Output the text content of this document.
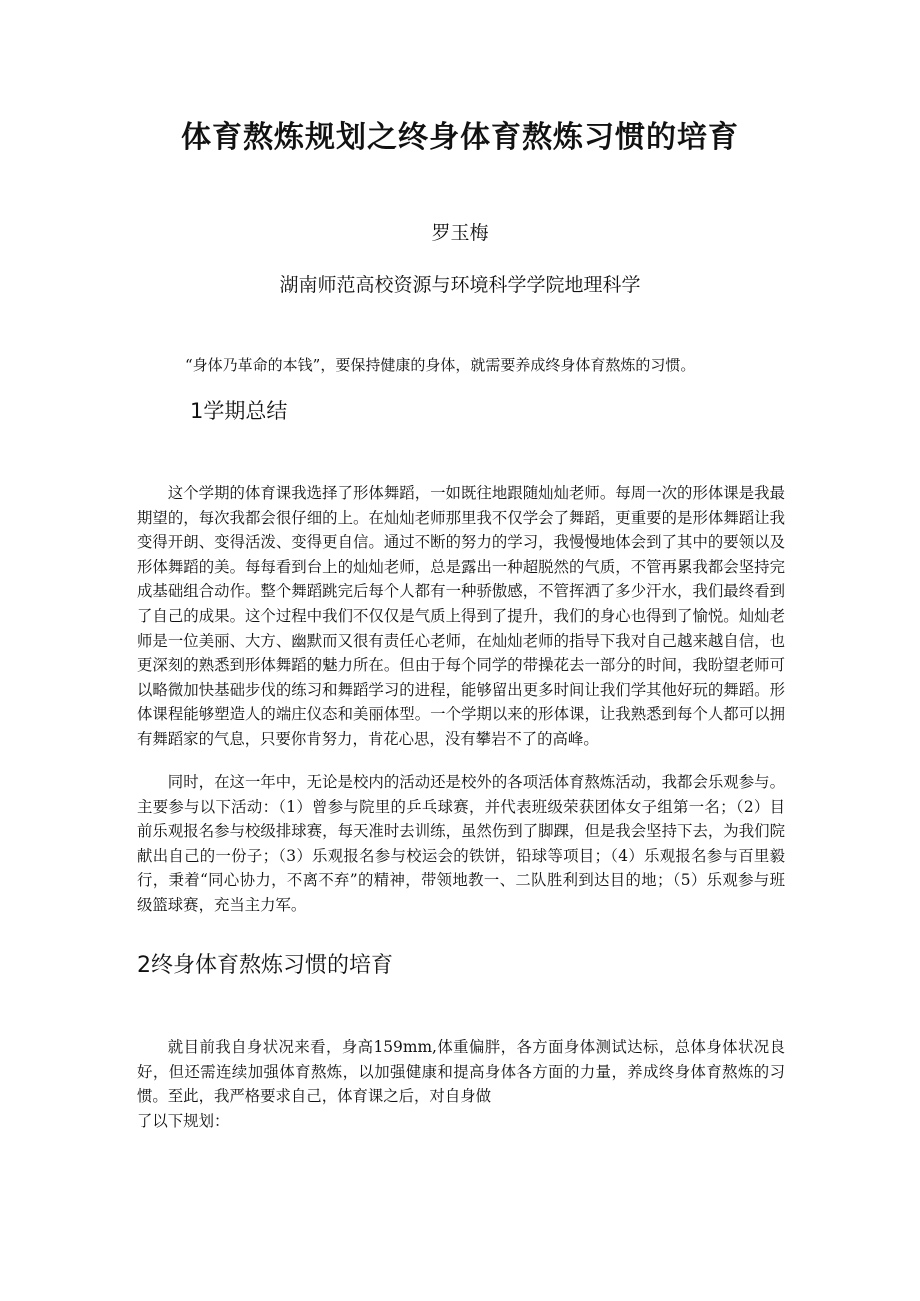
体育熬炼规划之终身体育熬炼习惯的培育

罗玉梅

湖南师范高校资源与环境科学学院地理科学

“身体乃革命的本钱”，要保持健康的身体，就需要养成终身体育熬炼的习惯。

1学期总结

这个学期的体育课我选择了形体舞蹈，一如既往地跟随灿灿老师。每周一次的形体课是我最期望的，每次我都会很仔细的上。在灿灿老师那里我不仅学会了舞蹈，更重要的是形体舞蹈让我变得开朗、变得活泼、变得更自信。通过不断的努力的学习，我慢慢地体会到了其中的要领以及形体舞蹈的美。每每看到台上的灿灿老师，总是露出一种超脱然的气质，不管再累我都会坚持完成基础组合动作。整个舞蹈跳完后每个人都有一种骄傲感，不管挥洒了多少汗水，我们最终看到了自己的成果。这个过程中我们不仅仅是气质上得到了提升，我们的身心也得到了愉悦。灿灿老师是一位美丽、大方、幽默而又很有责任心老师，在灿灿老师的指导下我对自己越来越自信，也更深刻的熟悉到形体舞蹈的魅力所在。但由于每个同学的带操花去一部分的时间，我盼望老师可以略微加快基础步伐的练习和舞蹈学习的进程，能够留出更多时间让我们学其他好玩的舞蹈。形体课程能够塑造人的端庄仪态和美丽体型。一个学期以来的形体课，让我熟悉到每个人都可以拥有舞蹈家的气息，只要你肯努力，肯花心思，没有攀岩不了的高峰。

同时，在这一年中，无论是校内的活动还是校外的各项活体育熬炼活动，我都会乐观参与。主要参与以下活动：（1）曾参与院里的乒乓球赛，并代表班级荣获团体女子组第一名；（2）目前乐观报名参与校级排球赛，每天准时去训练，虽然伤到了脚踝，但是我会坚持下去，为我们院献出自己的一份子；（3）乐观报名参与校运会的铁饼，铅球等项目；（4）乐观报名参与百里毅行，秉着“同心协力，不离不弃”的精神，带领地教一、二队胜利到达目的地；（5）乐观参与班级篮球赛，充当主力军。

2终身体育熬炼习惯的培育

就目前我自身状况来看，身高159mm,体重偏胖，各方面身体测试达标，总体身体状况良好，但还需连续加强体育熬炼，以加强健康和提高身体各方面的力量，养成终身体育熬炼的习惯。至此，我严格要求自己，体育课之后，对自身做

了以下规划：
